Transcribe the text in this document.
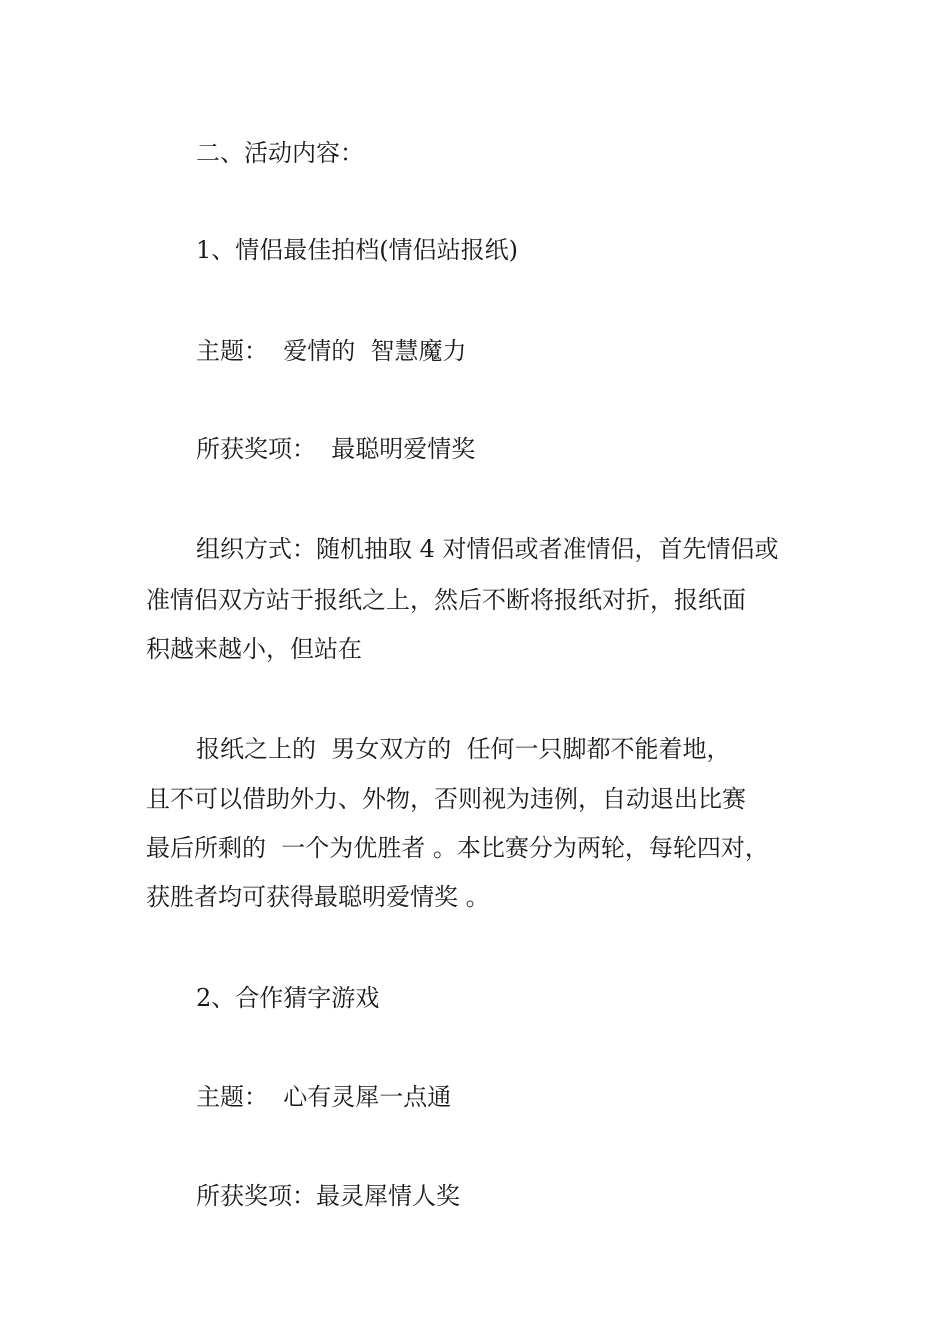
二、活动内容：
1、情侣最佳拍档(情侣站报纸)
主题：  爱情的  智慧魔力
所获奖项：  最聪明爱情奖
组织方式：随机抽取 4 对情侣或者准情侣，首先情侣或
准情侣双方站于报纸之上，然后不断将报纸对折，报纸面
积越来越小，但站在
报纸之上的  男女双方的  任何一只脚都不能着地，
且不可以借助外力、外物，否则视为违例，自动退出比赛
最后所剩的  一个为优胜者 。本比赛分为两轮，每轮四对，
获胜者均可获得最聪明爱情奖 。
2、合作猜字游戏
主题：  心有灵犀一点通
所获奖项：最灵犀情人奖
